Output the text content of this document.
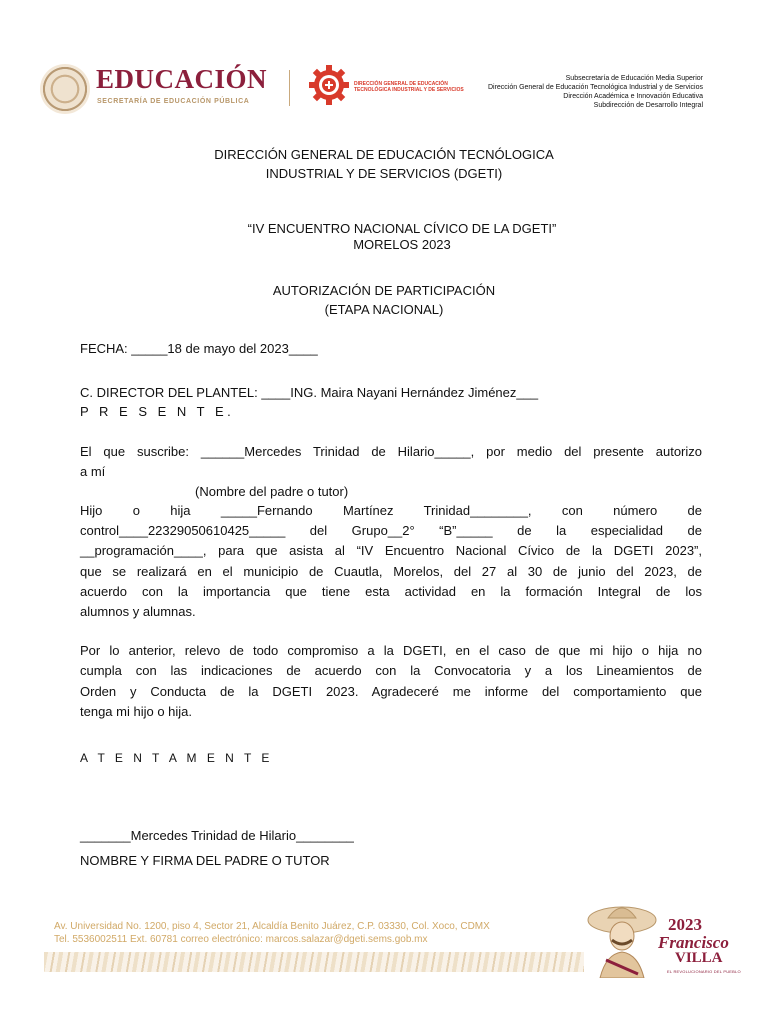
EDUCACIÓN
SECRETARÍA DE EDUCACIÓN PÚBLICA
DIRECCIÓN GENERAL DE EDUCACIÓN
TECNOLÓGICA INDUSTRIAL Y DE SERVICIOS
Subsecretaría de Educación Media Superior
Dirección General de Educación Tecnológica Industrial y de Servicios
Dirección Académica e Innovación Educativa
Subdirección de Desarrollo Integral
DIRECCIÓN GENERAL DE EDUCACIÓN TECNÓLOGICA
INDUSTRIAL Y DE SERVICIOS (DGETI)
“IV ENCUENTRO NACIONAL CÍVICO DE LA DGETI”
MORELOS 2023
AUTORIZACIÓN DE PARTICIPACIÓN
(ETAPA NACIONAL)
FECHA: _____18 de mayo del 2023____
C. DIRECTOR DEL PLANTEL: ____ING. Maira Nayani Hernández Jiménez___
P R E S E N T E.
El que suscribe: ______Mercedes Trinidad de Hilario_____, por medio del presente autorizo
a mí
(Nombre del padre o tutor)
Hijo o hija _____Fernando Martínez Trinidad________, con número de
control____22329050610425_____ del Grupo__2° “B”_____ de la especialidad de
__programación____, para que asista al “IV Encuentro Nacional Cívico de la DGETI 2023”,
que se realizará en el municipio de Cuautla, Morelos, del 27 al 30 de junio del 2023, de
acuerdo con la importancia que tiene esta actividad en la formación Integral de los
alumnos y alumnas.
Por lo anterior, relevo de todo compromiso a la DGETI, en el caso de que mi hijo o hija no
cumpla con las indicaciones de acuerdo con la Convocatoria y a los Lineamientos de
Orden y Conducta de la DGETI 2023. Agradeceré me informe del comportamiento que
tenga mi hijo o hija.
A T E N T A M E N T E
_______Mercedes Trinidad de Hilario________
NOMBRE Y FIRMA DEL PADRE O TUTOR
Av. Universidad No. 1200, piso 4, Sector 21, Alcaldía Benito Juárez, C.P. 03330, Col. Xoco, CDMX
Tel. 5536002511 Ext. 60781 correo electrónico: marcos.salazar@dgeti.sems.gob.mx
2023
Francisco
VILLA
EL REVOLUCIONARIO DEL PUEBLO
